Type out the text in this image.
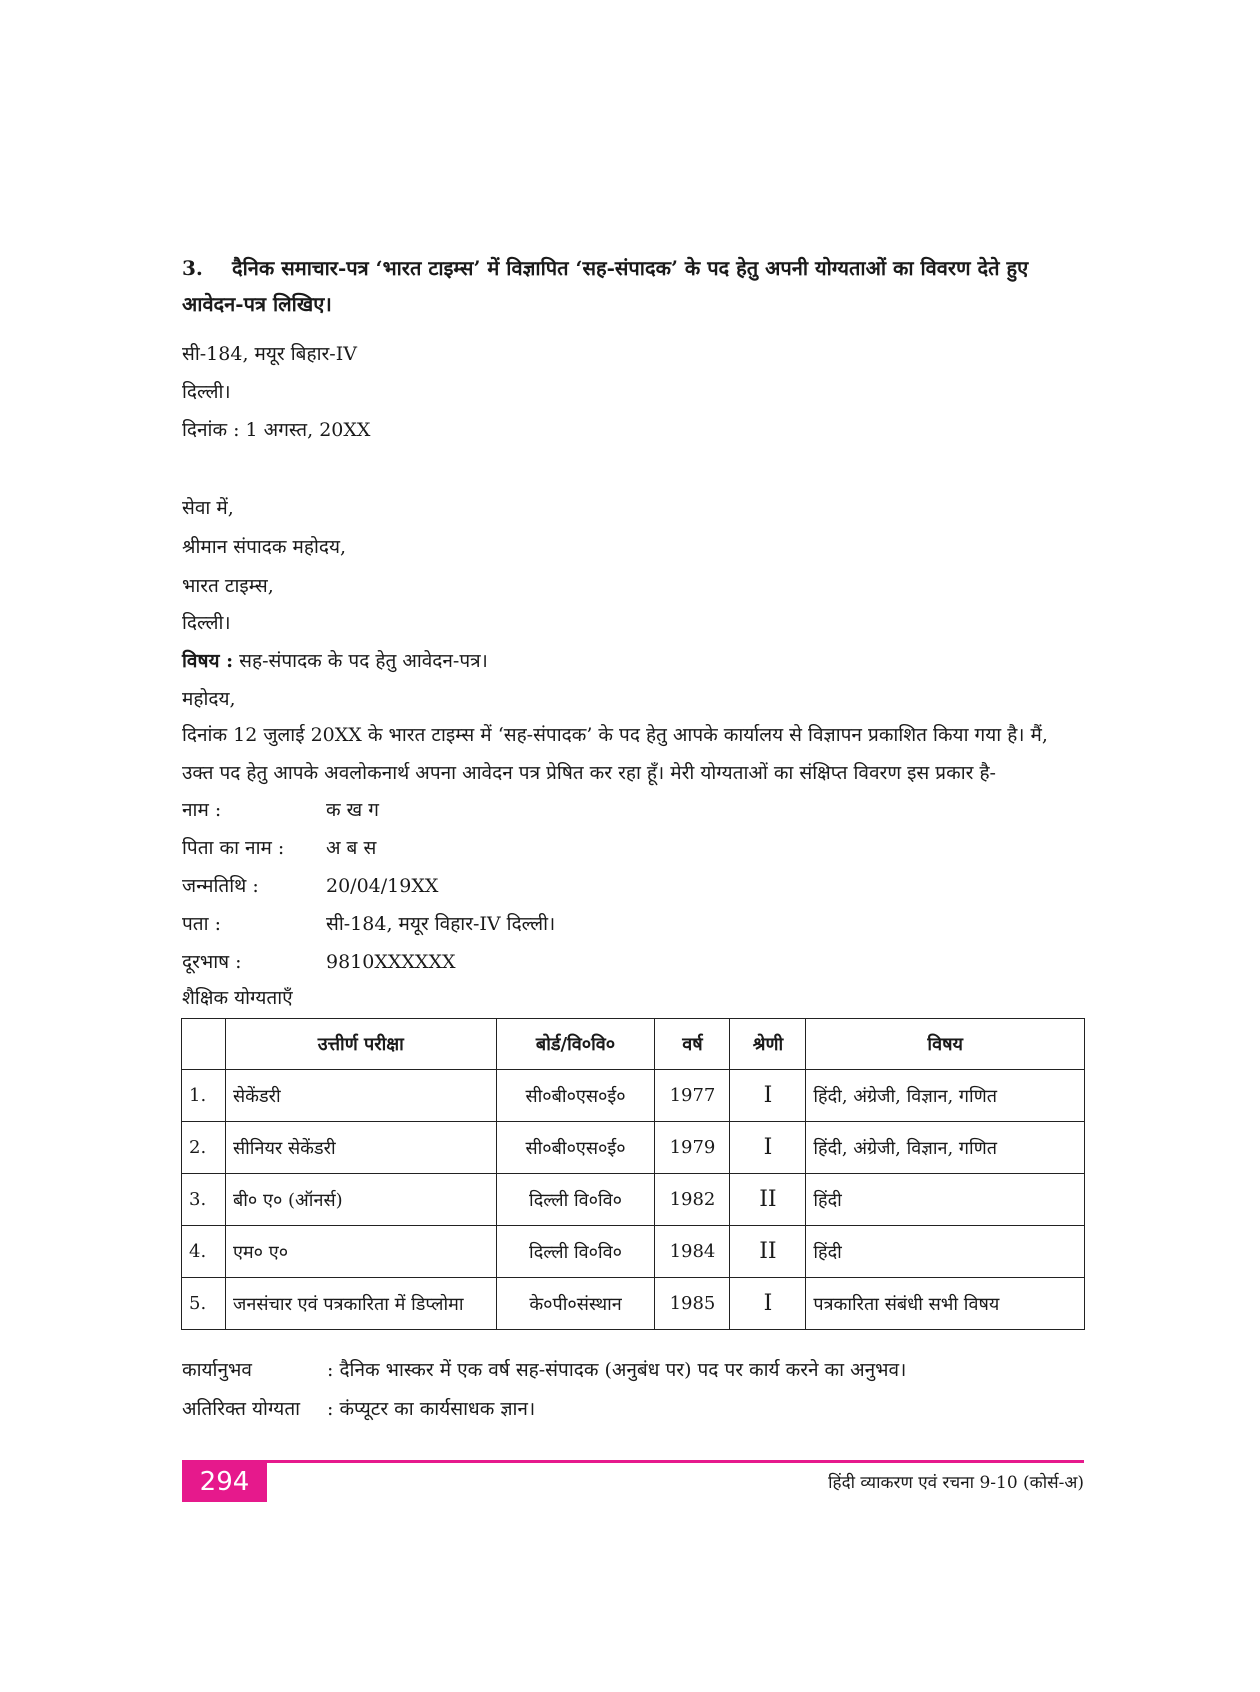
3. दैनिक समाचार-पत्र ‘भारत टाइम्स’ में विज्ञापित ‘सह-संपादक’ के पद हेतु अपनी योग्यताओं का विवरण देते हुए आवेदन-पत्र लिखिए।
सी-184, मयूर बिहार-IV
दिल्ली।
दिनांक : 1 अगस्त, 20XX
सेवा में,
श्रीमान संपादक महोदय,
भारत टाइम्स,
दिल्ली।
विषय : सह-संपादक के पद हेतु आवेदन-पत्र।
महोदय,
दिनांक 12 जुलाई 20XX के भारत टाइम्स में ‘सह-संपादक’ के पद हेतु आपके कार्यालय से विज्ञापन प्रकाशित किया गया है। मैं, उक्त पद हेतु आपके अवलोकनार्थ अपना आवेदन पत्र प्रेषित कर रहा हूँ। मेरी योग्यताओं का संक्षिप्त विवरण इस प्रकार है-
नाम :	क ख ग
पिता का नाम : अ ब स
जन्मतिथि :	20/04/19XX
पता :	सी-184, मयूर विहार-IV दिल्ली।
दूरभाष :	9810XXXXXX
शैक्षिक योग्यताएँ
	उत्तीर्ण परीक्षा	बोर्ड/वि०वि०	वर्ष	श्रेणी	विषय
1.	सेकेंडरी	सी०बी०एस०ई०	1977	I	हिंदी, अंग्रेजी, विज्ञान, गणित
2.	सीनियर सेकेंडरी	सी०बी०एस०ई०	1979	I	हिंदी, अंग्रेजी, विज्ञान, गणित
3.	बी० ए० (ऑनर्स)	दिल्ली वि०वि०	1982	II	हिंदी
4.	एम० ए०	दिल्ली वि०वि०	1984	II	हिंदी
5.	जनसंचार एवं पत्रकारिता में डिप्लोमा	के०पी०संस्थान	1985	I	पत्रकारिता संबंधी सभी विषय
कार्यानुभव	: दैनिक भास्कर में एक वर्ष सह-संपादक (अनुबंध पर) पद पर कार्य करने का अनुभव।
अतिरिक्त योग्यता : कंप्यूटर का कार्यसाधक ज्ञान।
294	हिंदी व्याकरण एवं रचना 9-10 (कोर्स-अ)
